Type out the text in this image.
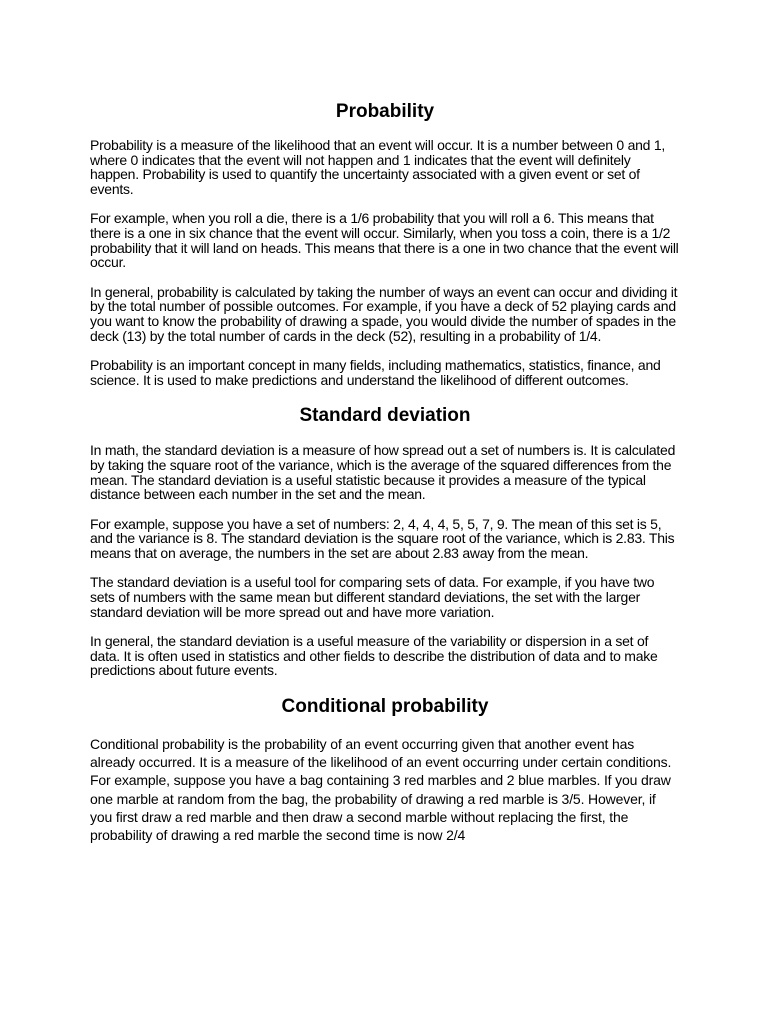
Probability

Probability is a measure of the likelihood that an event will occur. It is a number between 0 and 1, where 0 indicates that the event will not happen and 1 indicates that the event will definitely happen. Probability is used to quantify the uncertainty associated with a given event or set of events.

For example, when you roll a die, there is a 1/6 probability that you will roll a 6. This means that there is a one in six chance that the event will occur. Similarly, when you toss a coin, there is a 1/2 probability that it will land on heads. This means that there is a one in two chance that the event will occur.

In general, probability is calculated by taking the number of ways an event can occur and dividing it by the total number of possible outcomes. For example, if you have a deck of 52 playing cards and you want to know the probability of drawing a spade, you would divide the number of spades in the deck (13) by the total number of cards in the deck (52), resulting in a probability of 1/4.

Probability is an important concept in many fields, including mathematics, statistics, finance, and science. It is used to make predictions and understand the likelihood of different outcomes.

Standard deviation

In math, the standard deviation is a measure of how spread out a set of numbers is. It is calculated by taking the square root of the variance, which is the average of the squared differences from the mean. The standard deviation is a useful statistic because it provides a measure of the typical distance between each number in the set and the mean.

For example, suppose you have a set of numbers: 2, 4, 4, 4, 5, 5, 7, 9. The mean of this set is 5, and the variance is 8. The standard deviation is the square root of the variance, which is 2.83. This means that on average, the numbers in the set are about 2.83 away from the mean.

The standard deviation is a useful tool for comparing sets of data. For example, if you have two sets of numbers with the same mean but different standard deviations, the set with the larger standard deviation will be more spread out and have more variation.

In general, the standard deviation is a useful measure of the variability or dispersion in a set of data. It is often used in statistics and other fields to describe the distribution of data and to make predictions about future events.

Conditional probability

Conditional probability is the probability of an event occurring given that another event has already occurred. It is a measure of the likelihood of an event occurring under certain conditions.

For example, suppose you have a bag containing 3 red marbles and 2 blue marbles. If you draw one marble at random from the bag, the probability of drawing a red marble is 3/5. However, if you first draw a red marble and then draw a second marble without replacing the first, the probability of drawing a red marble the second time is now 2/4
